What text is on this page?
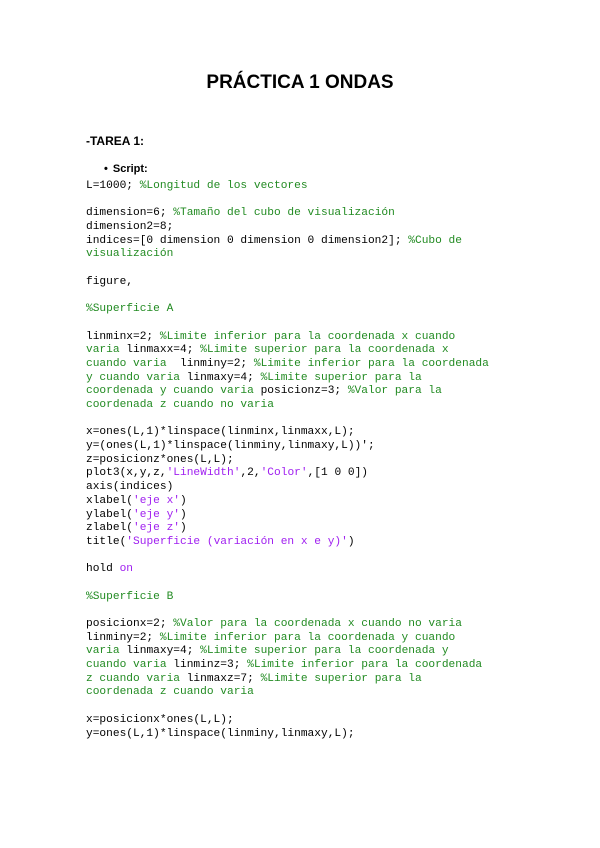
PRÁCTICA 1 ONDAS
-TAREA 1:
• Script:
L=1000; %Longitud de los vectores
dimension=6; %Tamaño del cubo de visualización
dimension2=8;
indices=[0 dimension 0 dimension 0 dimension2]; %Cubo de
visualización
figure,
%Superficie A
linminx=2; %Limite inferior para la coordenada x cuando
varia linmaxx=4; %Limite superior para la coordenada x
cuando varia  linminy=2; %Limite inferior para la coordenada
y cuando varia linmaxy=4; %Limite superior para la
coordenada y cuando varia posicionz=3; %Valor para la
coordenada z cuando no varia
x=ones(L,1)*linspace(linminx,linmaxx,L);
y=(ones(L,1)*linspace(linminy,linmaxy,L))';
z=posicionz*ones(L,L);
plot3(x,y,z,'LineWidth',2,'Color',[1 0 0])
axis(indices)
xlabel('eje x')
ylabel('eje y')
zlabel('eje z')
title('Superficie (variación en x e y)')
hold on
%Superficie B
posicionx=2; %Valor para la coordenada x cuando no varia
linminy=2; %Limite inferior para la coordenada y cuando
varia linmaxy=4; %Limite superior para la coordenada y
cuando varia linminz=3; %Limite inferior para la coordenada
z cuando varia linmaxz=7; %Limite superior para la
coordenada z cuando varia
x=posicionx*ones(L,L);
y=ones(L,1)*linspace(linminy,linmaxy,L);
